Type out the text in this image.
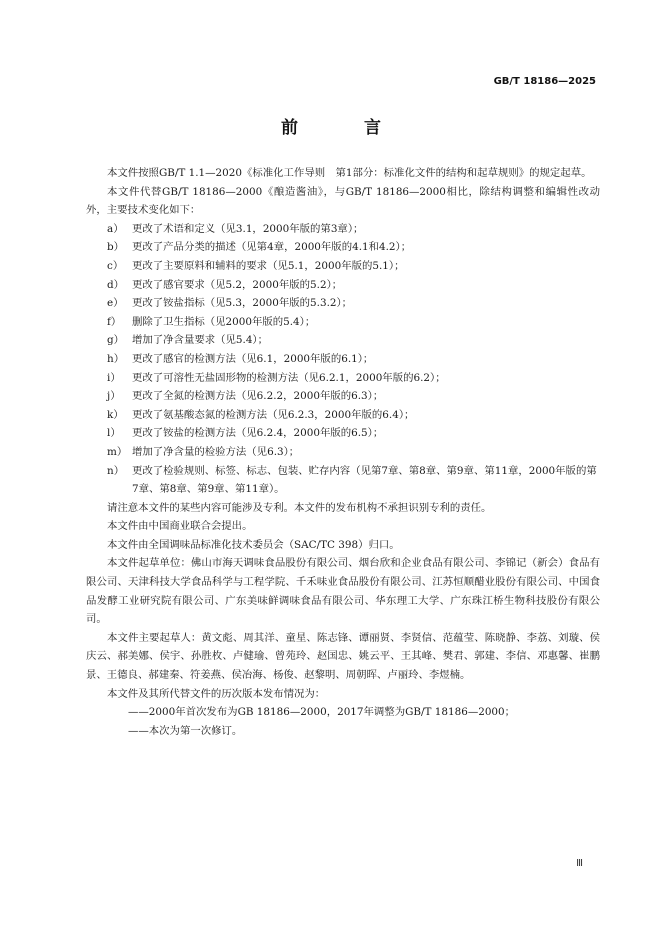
GB/T 18186—2025
前 言

本文件按照GB/T 1.1—2020《标准化工作导则　第1部分：标准化文件的结构和起草规则》的规定起草。

本文件代替GB/T 18186—2000《酿造酱油》，与GB/T 18186—2000相比，除结构调整和编辑性改动外，主要技术变化如下：

a） 更改了术语和定义（见3.1，2000年版的第3章）；
b） 更改了产品分类的描述（见第4章，2000年版的4.1和4.2）；
c） 更改了主要原料和辅料的要求（见5.1，2000年版的5.1）；
d） 更改了感官要求（见5.2，2000年版的5.2）；
e） 更改了铵盐指标（见5.3，2000年版的5.3.2）；
f）	删除了卫生指标（见2000年版的5.4）；
g） 增加了净含量要求（见5.4）；
h） 更改了感官的检测方法（见6.1，2000年版的6.1）；
i）	更改了可溶性无盐固形物的检测方法（见6.2.1，2000年版的6.2）；
j）	更改了全氮的检测方法（见6.2.2，2000年版的6.3）；
k） 更改了氨基酸态氮的检测方法（见6.2.3，2000年版的6.4）；
l）	更改了铵盐的检测方法（见6.2.4，2000年版的6.5）；
m） 增加了净含量的检验方法（见6.3）；
n） 更改了检验规则、标签、标志、包装、贮存内容（见第7章、第8章、第9章、第11章，2000年版的第7章、第8章、第9章、第11章）。

请注意本文件的某些内容可能涉及专利。本文件的发布机构不承担识别专利的责任。

本文件由中国商业联合会提出。

本文件由全国调味品标准化技术委员会（SAC/TC 398）归口。

本文件起草单位：佛山市海天调味食品股份有限公司、烟台欣和企业食品有限公司、李锦记（新会）食品有限公司、天津科技大学食品科学与工程学院、千禾味业食品股份有限公司、江苏恒顺醋业股份有限公司、中国食品发酵工业研究院有限公司、广东美味鲜调味食品有限公司、华东理工大学、广东珠江桥生物科技股份有限公司。

本文件主要起草人：黄文彪、周其洋、童星、陈志锋、谭丽贤、李贤信、范蕴莹、陈晓静、李荔、刘璇、侯庆云、郝美娜、侯宇、孙胜枚、卢健瑜、曾苑玲、赵国忠、姚云平、王其峰、樊君、郭建、李信、邓惠馨、崔鹏景、王德良、郝建秦、符姜燕、侯冶海、杨俊、赵黎明、周朝晖、卢丽玲、李煜楠。

本文件及其所代替文件的历次版本发布情况为：

——2000年首次发布为GB 18186—2000，2017年调整为GB/T 18186—2000；

——本次为第一次修订。

Ⅲ
